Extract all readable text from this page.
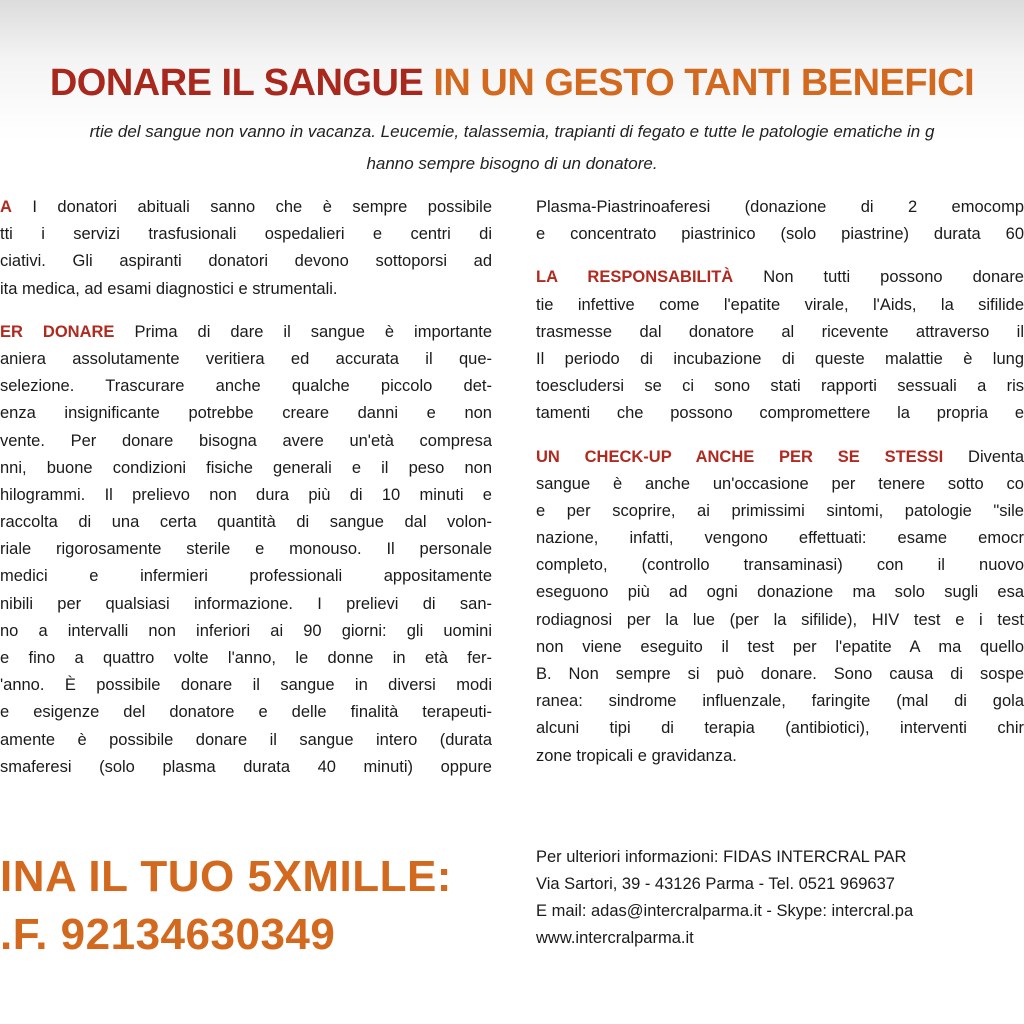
DONARE IL SANGUE IN UN GESTO TANTI BENEFICI
rtie del sangue non vanno in vacanza. Leucemie, talassemia, trapianti di fegato e tutte le patologie ematiche in g
hanno sempre bisogno di un donatore.
A I donatori abituali sanno che è sempre possibile
tti i servizi trasfusionali ospedalieri e centri di
ciativi. Gli aspiranti donatori devono sottoporsi ad
ita medica, ad esami diagnostici e strumentali.
ER DONARE Prima di dare il sangue è importante
aniera assolutamente veritiera ed accurata il que-
selezione. Trascurare anche qualche piccolo det-
enza insignificante potrebbe creare danni e non
vente. Per donare bisogna avere un'età compresa
nni, buone condizioni fisiche generali e il peso non
hilogrammi. Il prelievo non dura più di 10 minuti e
raccolta di una certa quantità di sangue dal volon-
riale rigorosamente sterile e monouso. Il personale
medici e infermieri professionali appositamente
nibili per qualsiasi informazione. I prelievi di san-
no a intervalli non inferiori ai 90 giorni: gli uomini
e fino a quattro volte l'anno, le donne in età fer-
'anno. È possibile donare il sangue in diversi modi
e esigenze del donatore e delle finalità terapeuti-
amente è possibile donare il sangue intero (durata
smaferesi (solo plasma durata 40 minuti) oppure
INA IL TUO 5XMILLE:
.F. 92134630349
Plasma-Piastrinoaferesi (donazione di 2 emocomp
e concentrato piastrinico (solo piastrine) durata 60
LA RESPONSABILITÀ Non tutti possono donare
tie infettive come l'epatite virale, l'Aids, la sifilide
trasmesse dal donatore al ricevente attraverso il
Il periodo di incubazione di queste malattie è lung
toescludersi se ci sono stati rapporti sessuali a ris
tamenti che possono compromettere la propria e
UN CHECK-UP ANCHE PER SE STESSI Diventa
sangue è anche un'occasione per tenere sotto co
e per scoprire, ai primissimi sintomi, patologie "sile
nazione, infatti, vengono effettuati: esame emocr
completo, (controllo transaminasi) con il nuovo
eseguono più ad ogni donazione ma solo sugli esa
rodiagnosi per la lue (per la sifilide), HIV test e i test
non viene eseguito il test per l'epatite A ma quello
B. Non sempre si può donare. Sono causa di sospe
ranea: sindrome influenzale, faringite (mal di gola
alcuni tipi di terapia (antibiotici), interventi chir
zone tropicali e gravidanza.
Per ulteriori informazioni: FIDAS INTERCRAL PAR
Via Sartori, 39 - 43126 Parma - Tel. 0521 969637
E mail: adas@intercralparma.it - Skype: intercral.pa
www.intercralparma.it
